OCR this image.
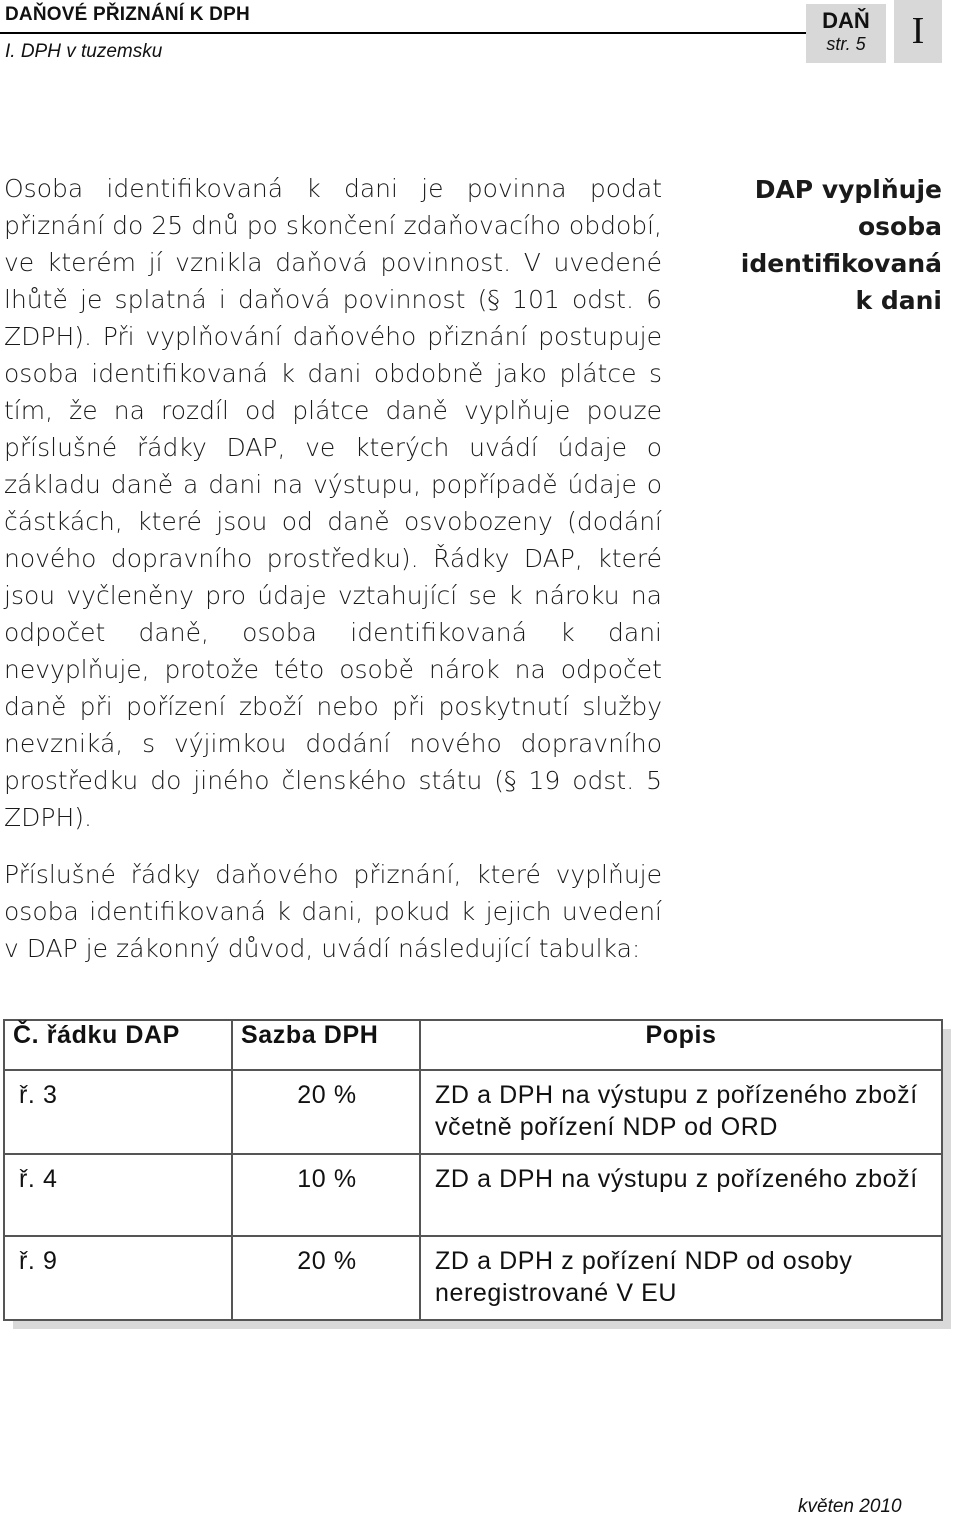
DAŇOVÉ PŘIZNÁNÍ K DPH
I. DPH v tuzemsku
DAŇ
str. 5	I
Osoba identifikovaná k dani je povinna podat přiznání do 25 dnů po skončení zdaňovacího období, ve kterém jí vznikla daňová povinnost. V uvedené lhůtě je splatná i daňová povinnost (§ 101 odst. 6 ZDPH). Při vyplňování daňového přiznání postupuje osoba identifikovaná k dani obdobně jako plátce s tím, že na rozdíl od plátce daně vyplňuje pouze příslušné řádky DAP, ve kterých uvádí údaje o základu daně a dani na výstupu, popřípadě údaje o částkách, které jsou od daně osvobozeny (dodání nového dopravního prostředku). Řádky DAP, které jsou vyčleněny pro údaje vztahující se k nároku na odpočet daně, osoba identifikovaná k dani nevyplňuje, protože této osobě nárok na odpočet daně při pořízení zboží nebo při poskytnutí služby nevzniká, s výjimkou dodání nového dopravního prostředku do jiného členského státu (§ 19 odst. 5 ZDPH).
Příslušné řádky daňového přiznání, které vyplňuje osoba identifikovaná k dani, pokud k jejich uvedení v DAP je zákonný důvod, uvádí následující tabulka:
DAP vyplňuje osoba identifikovaná k dani
Č. řádku DAP	Sazba DPH	Popis
ř. 3	20 %	ZD a DPH na výstupu z pořízeného zboží včetně pořízení NDP od ORD
ř. 4	10 %	ZD a DPH na výstupu z pořízeného zboží
ř. 9	20 %	ZD a DPH z pořízení NDP od osoby neregistrované V EU
květen 2010
